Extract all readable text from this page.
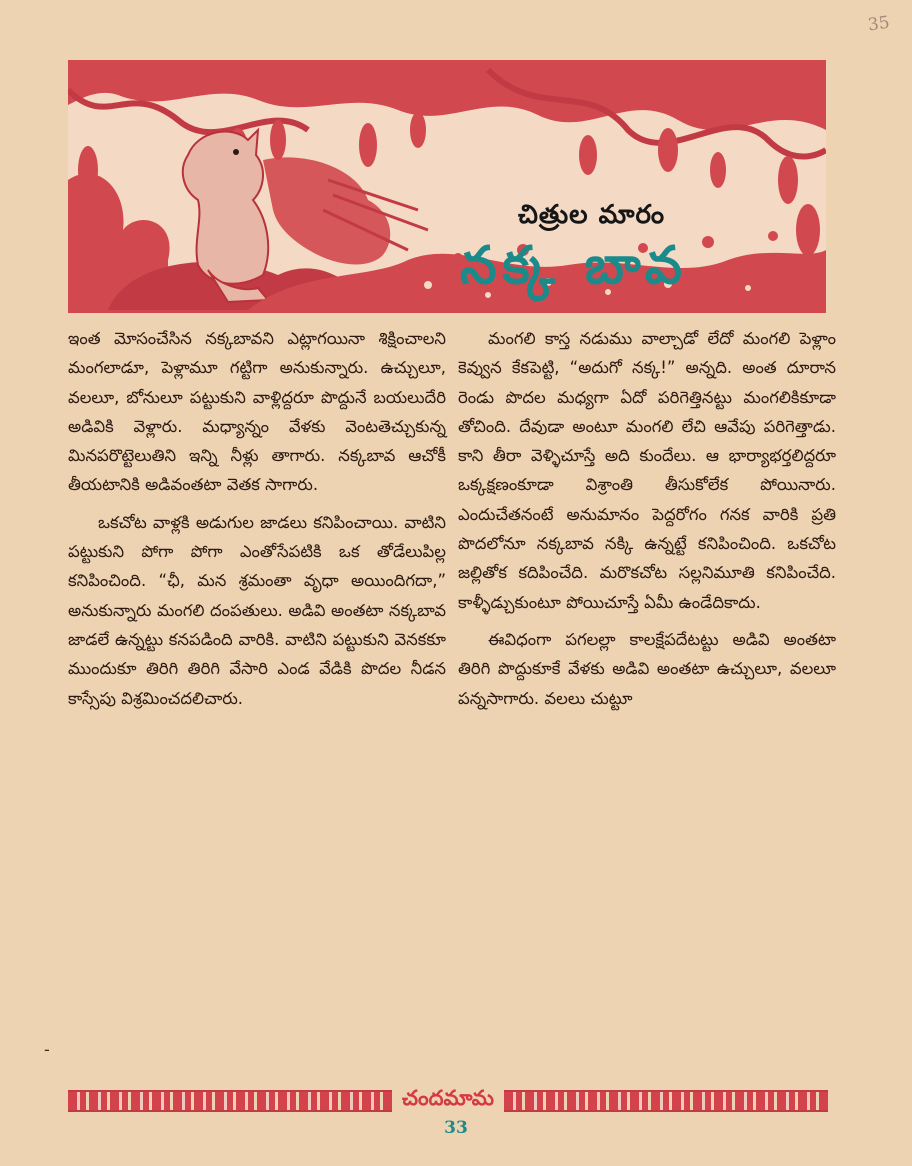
35
చిత్రుల మారం
నక్క బావ

ఇంత మోసంచేసిన నక్కబావని ఎట్లాగయినా శిక్షించాలని మంగలాడూ, పెళ్లామూ గట్టిగా అనుకున్నారు. ఉచ్చులూ, వలలూ, బోనులూ పట్టుకుని వాళ్లిద్దరూ పొద్దునే బయలుదేరి అడివికి వెళ్లారు. మధ్యాన్నం వేళకు వెంటతెచ్చుకున్న మినపరొట్టెలుతిని ఇన్ని నీళ్లు తాగారు. నక్కబావ ఆచోకీ తీయటానికి అడివంతటా వెతక సాగారు.

ఒకచోట వాళ్లకి అడుగుల జాడలు కనిపించాయి. వాటిని పట్టుకుని పోగా పోగా ఎంతోసేపటికి ఒక తోడేలుపిల్ల కనిపించింది. “ఛీ, మన శ్రమంతా వృధా అయిందిగదా,” అనుకున్నారు మంగలి దంపతులు. అడివి అంతటా నక్కబావ జాడలే ఉన్నట్టు కనపడింది వారికి. వాటిని పట్టుకుని వెనకకూ ముందుకూ తిరిగి తిరిగి వేసారి ఎండ వేడికి పొదల నీడన కాస్సేపు విశ్రమించదలిచారు.

మంగలి కాస్త నడుము వాల్చాడో లేదో మంగలి పెళ్లాం కెవ్వున కేకపెట్టి, “అదుగో నక్క!” అన్నది. అంత దూరాన రెండు పొదల మధ్యగా ఏదో పరిగెత్తినట్టు మంగలికికూడా తోచింది. దేవుడా అంటూ మంగలి లేచి ఆవేపు పరిగెత్తాడు. కాని తీరా వెళ్ళిచూస్తే అది కుందేలు. ఆ భార్యాభర్తలిద్దరూ ఒక్కక్షణంకూడా విశ్రాంతి తీసుకోలేక పోయినారు. ఎందుచేతనంటే అనుమానం పెద్దరోగం గనక వారికి ప్రతి పొదలోనూ నక్కబావ నక్కి ఉన్నట్టే కనిపించింది. ఒకచోట జల్లితోక కదిపించేది. మరొకచోట సల్లనిమూతి కనిపించేది. కాళ్ళీడ్చుకుంటూ పోయిచూస్తే ఏమీ ఉండేదికాదు.

ఈవిధంగా పగలల్లా కాలక్షేపదేటట్టు అడివి అంతటా తిరిగి పొద్దుకూకే వేళకు అడివి అంతటా ఉచ్చులూ, వలలూ పన్నసాగారు. వలలు చుట్టూ

-
చందమామ
33
